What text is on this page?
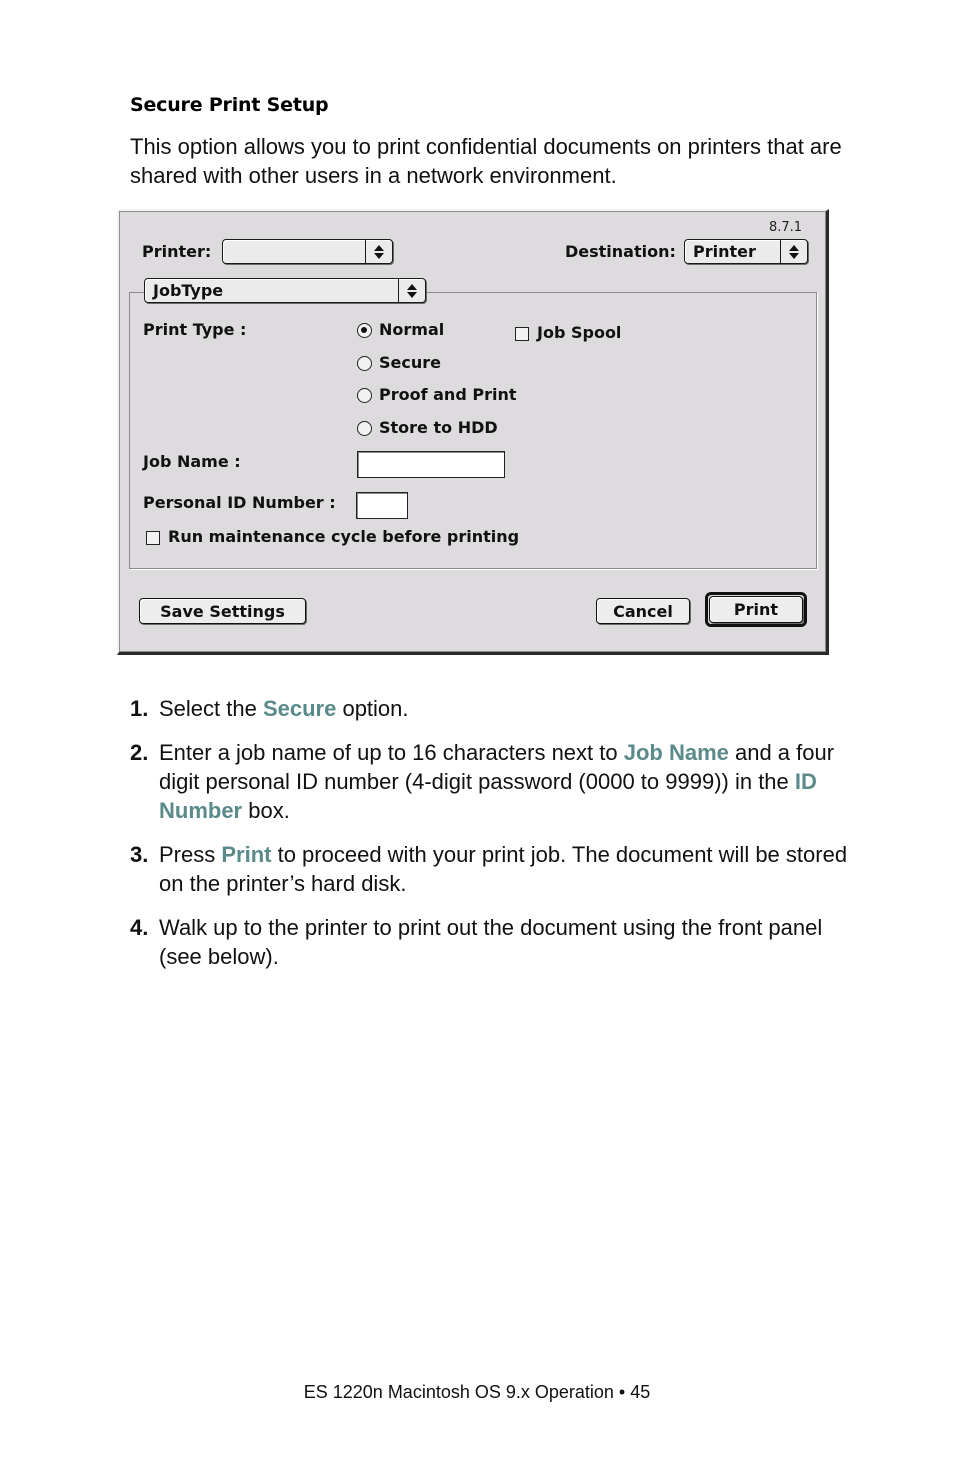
Secure Print Setup
This option allows you to print confidential documents on printers that are shared with other users in a network environment.
8.7.1
Printer:	Destination: Printer
JobType
Print Type :	Normal
Secure
Proof and Print
Store to HDD
Job Spool
Job Name :
Personal ID Number :
Run maintenance cycle before printing
Save Settings	Cancel	Print
1. Select the Secure option.
2. Enter a job name of up to 16 characters next to Job Name and a four digit personal ID number (4-digit password (0000 to 9999)) in the ID Number box.
3. Press Print to proceed with your print job. The document will be stored on the printer’s hard disk.
4. Walk up to the printer to print out the document using the front panel (see below).
ES 1220n Macintosh OS 9.x Operation • 45
